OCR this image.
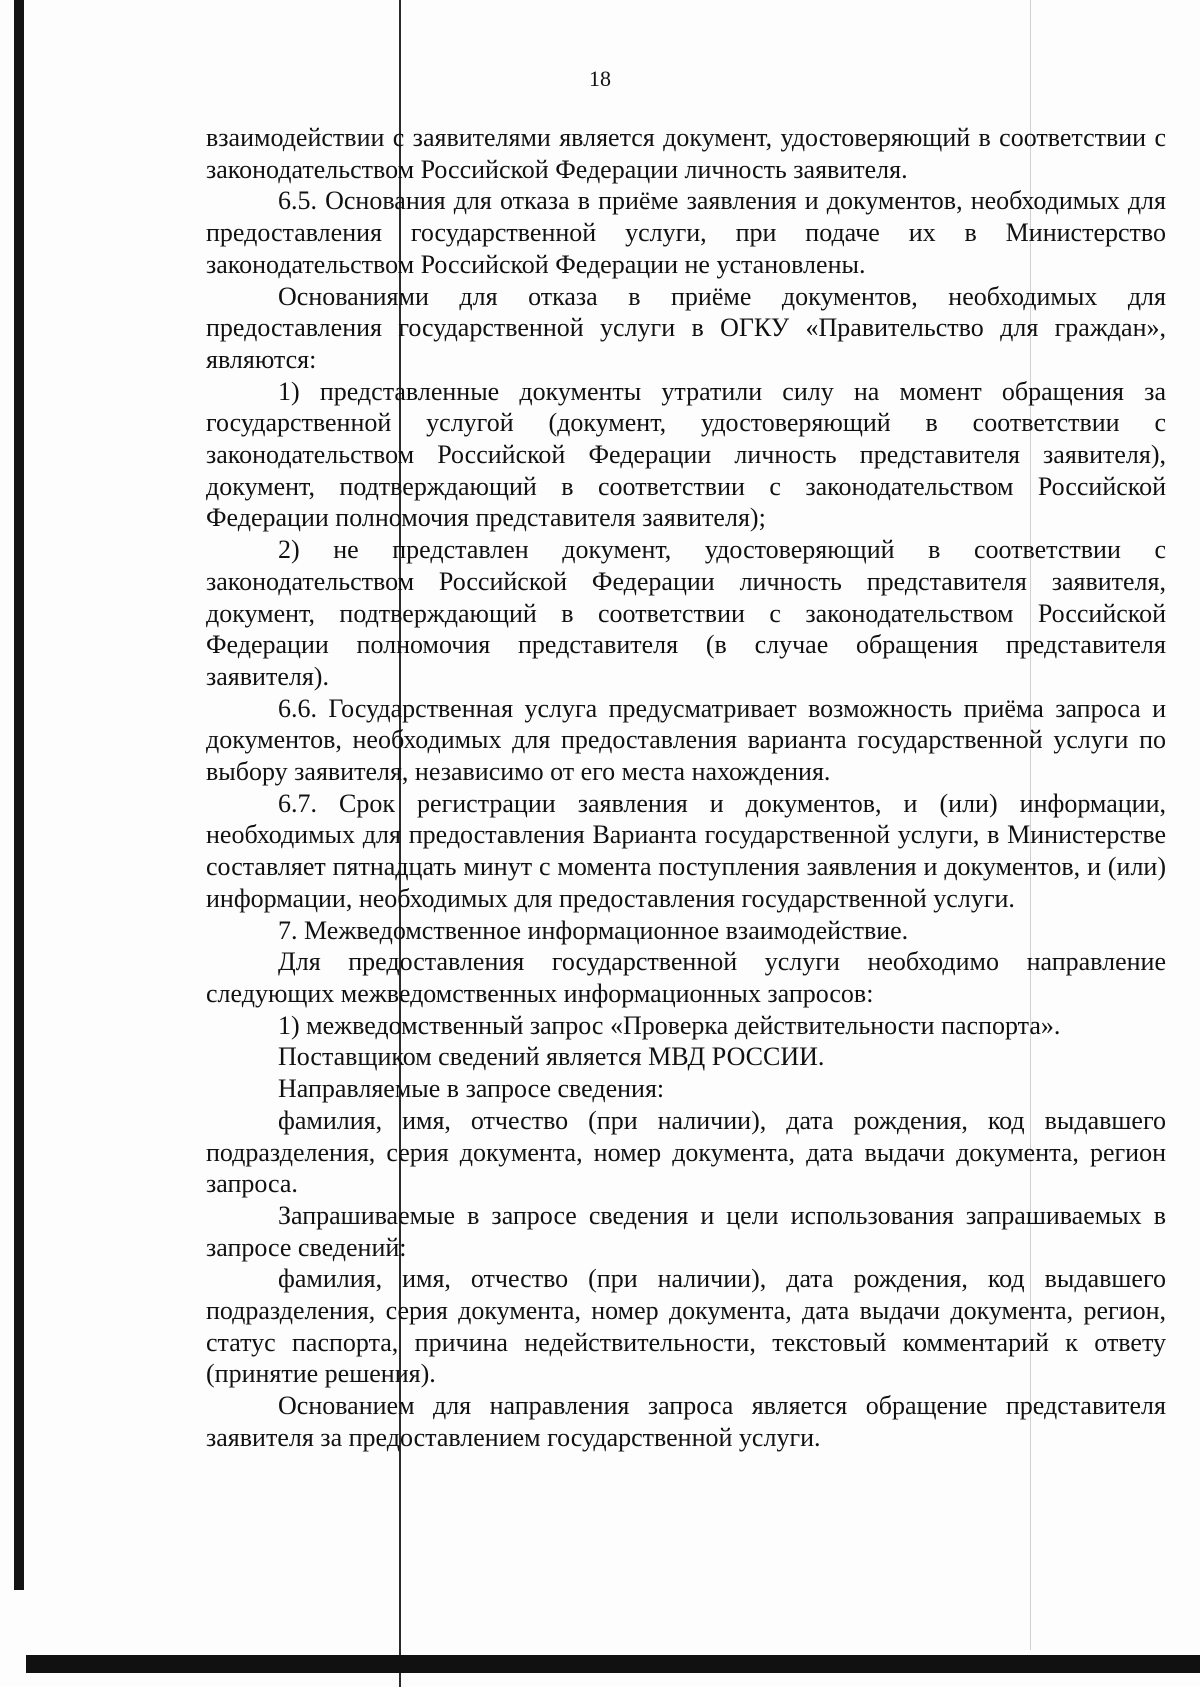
18

взаимодействии с заявителями является документ, удостоверяющий в соответствии с законодательством Российской Федерации личность заявителя.

6.5. Основания для отказа в приёме заявления и документов, необходимых для предоставления государственной услуги, при подаче их в Министерство законодательством Российской Федерации не установлены.

Основаниями для отказа в приёме документов, необходимых для предоставления государственной услуги в ОГКУ «Правительство для граждан», являются:

1) представленные документы утратили силу на момент обращения за государственной услугой (документ, удостоверяющий в соответствии с законодательством Российской Федерации личность представителя заявителя), документ, подтверждающий в соответствии с законодательством Российской Федерации полномочия представителя заявителя);

2) не представлен документ, удостоверяющий в соответствии с законодательством Российской Федерации личность представителя заявителя, документ, подтверждающий в соответствии с законодательством Российской Федерации полномочия представителя (в случае обращения представителя заявителя).

6.6. Государственная услуга предусматривает возможность приёма запроса и документов, необходимых для предоставления варианта государственной услуги по выбору заявителя, независимо от его места нахождения.

6.7. Срок регистрации заявления и документов, и (или) информации, необходимых для предоставления Варианта государственной услуги, в Министерстве составляет пятнадцать минут с момента поступления заявления и документов, и (или) информации, необходимых для предоставления государственной услуги.

7. Межведомственное информационное взаимодействие.

Для предоставления государственной услуги необходимо направление следующих межведомственных информационных запросов:

1) межведомственный запрос «Проверка действительности паспорта».

Поставщиком сведений является МВД РОССИИ.

Направляемые в запросе сведения:

фамилия, имя, отчество (при наличии), дата рождения, код выдавшего подразделения, серия документа, номер документа, дата выдачи документа, регион запроса.

Запрашиваемые в запросе сведения и цели использования запрашиваемых в запросе сведений:

фамилия, имя, отчество (при наличии), дата рождения, код выдавшего подразделения, серия документа, номер документа, дата выдачи документа, регион, статус паспорта, причина недействительности, текстовый комментарий к ответу (принятие решения).

Основанием для направления запроса является обращение представителя заявителя за предоставлением государственной услуги.
